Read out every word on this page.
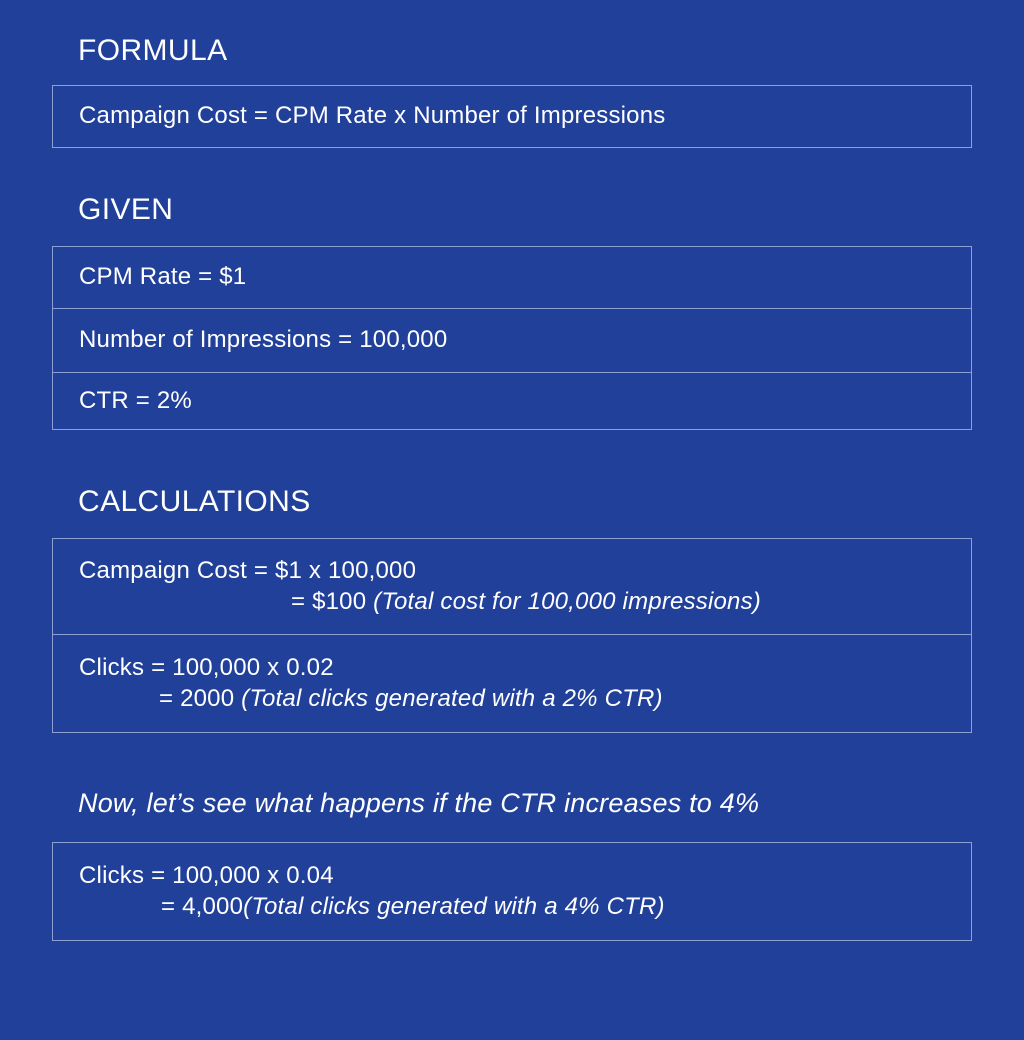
FORMULA
Campaign Cost = CPM Rate x Number of Impressions
GIVEN
CPM Rate = $1
Number of Impressions = 100,000
CTR = 2%
CALCULATIONS
Campaign Cost = $1 x 100,000
= $100 (Total cost for 100,000 impressions)
Clicks = 100,000 x 0.02
= 2000 (Total clicks generated with a 2% CTR)
Now, let’s see what happens if the CTR increases to 4%
Clicks = 100,000 x 0.04
= 4,000(Total clicks generated with a 4% CTR)
